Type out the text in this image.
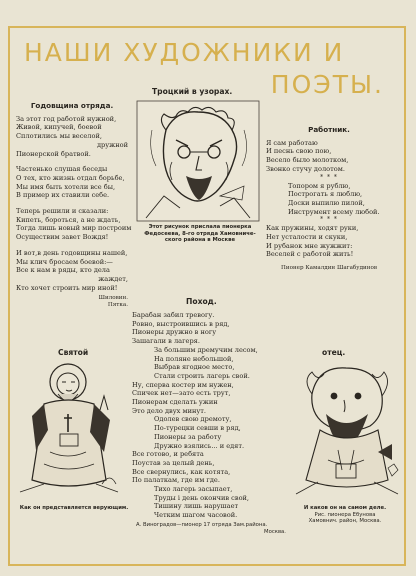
НАШИ ХУДОЖНИКИ И
ПОЭТЫ.
Годовщина отряда.
За этот год работой нужной,
Живой, кипучей, боевой
Сплотились мы веселой,
дружной
Пионерской братвой.
Частенько слушая беседы
О тех, кто жизнь отдал борьбе,
Мы имя быть хотели все бы,
В пример их ставили себе.
Теперь решили и сказали:
Кипеть, бороться, а не ждать,
Тогда лишь новый мир построим
Осуществим завет Вождя!
И вот,в день годовщины нашей,
Мы клич бросаем боевой:—
Все к нам в ряды, кто дела
жаждет,
Кто хочет строить мир иной!
Шиловин.
Пятка.
Троцкий в узорах.
Этот рисунок прислала пионерка
Федосеева, 8-го отряда Хамовниче-
ского района в Москве
Работник.
Я сам работаю
И песнь свою пою,
Весело было молотком,
Звонко стучу долотом.
* * *
Топором я рублю,
Построгать я люблю,
Доски выпилю пилой,
Инструмент всему любой.
* * *
Как пружины, ходят руки,
Нет усталости и скуки,
И рубанок мне жужжит:
Веселей с работой жить!
Пионер Камалдин Шагабудинов
Святой
Как он представляется верующим.
Поход.
Барабан забил тревогу.
Ровно, выстроившись в ряд,
Пионеры дружно в ногу
Зашагали в лагеря.
За большим дремучим лесом,
На поляне небольшой,
Выбрав ягодное место,
Стали строить лагерь свой.
Ну, сперва костер им нужен,
Спичек нет—зато есть трут,
Пионерам сделать ужин
Это дело двух минут.
Одолев свою дремоту,
По-турецки севши в ряд,
Пионеры за работу
Дружно взялись... и едят.
Все готово, и ребята
Поустав за целый день,
Все свернулись, как котята,
По палаткам, где им где.
Тихо лагерь засыпает,
Труды і день окончив свой,
Тишину лишь нарушает
Четким шагом часовой.
А. Виноградов—пионер 17 отряда Зам.района.
Москва.
отец.
И каков он на самом деле.
Рис. пионера Ебунова
Хамовнич. район, Москва.
